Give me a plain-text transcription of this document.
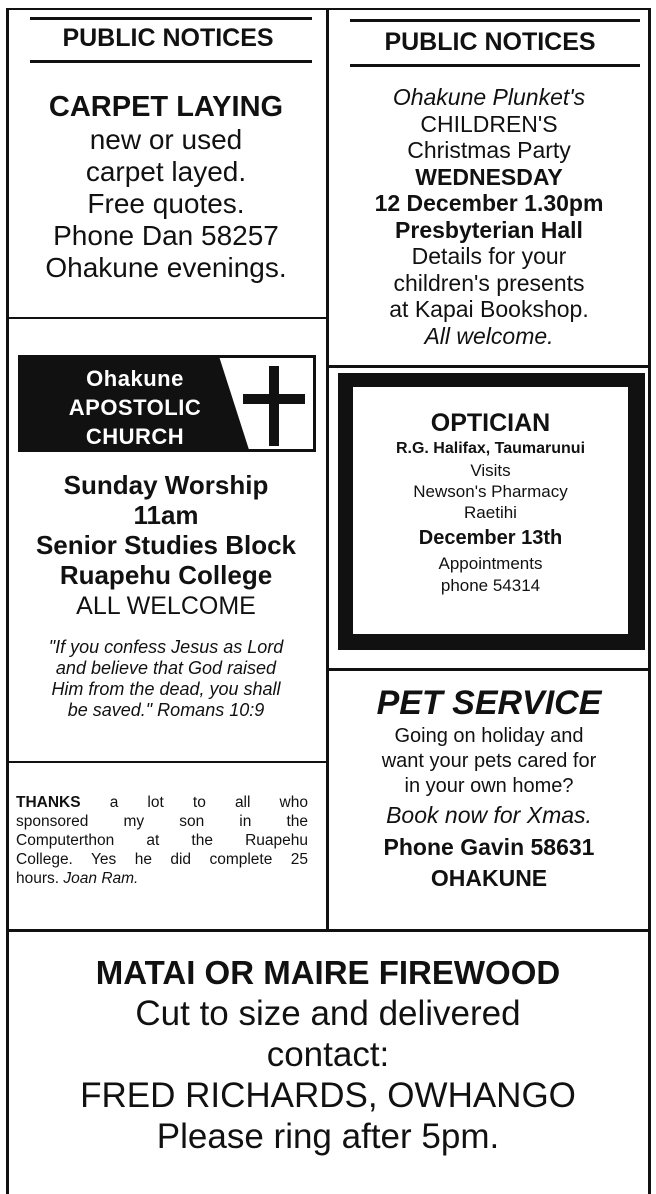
PUBLIC NOTICES
CARPET LAYING
new or used
carpet layed.
Free quotes.
Phone Dan 58257
Ohakune evenings.
Ohakune
APOSTOLIC
CHURCH
Sunday Worship
11am
Senior Studies Block
Ruapehu College
ALL WELCOME
"If you confess Jesus as Lord
and believe that God raised
Him from the dead, you shall
be saved." Romans 10:9
THANKS a lot to all who
sponsored my son in the
Computerthon at the Ruapehu
College. Yes he did complete 25
hours. Joan Ram.
PUBLIC NOTICES
Ohakune Plunket's
CHILDREN'S
Christmas Party
WEDNESDAY
12 December 1.30pm
Presbyterian Hall
Details for your
children's presents
at Kapai Bookshop.
All welcome.
OPTICIAN
R.G. Halifax, Taumarunui
Visits
Newson's Pharmacy
Raetihi
December 13th
Appointments
phone 54314
PET SERVICE
Going on holiday and
want your pets cared for
in your own home?
Book now for Xmas.
Phone Gavin 58631
OHAKUNE
MATAI OR MAIRE FIREWOOD
Cut to size and delivered
contact:
FRED RICHARDS, OWHANGO
Please ring after 5pm.
